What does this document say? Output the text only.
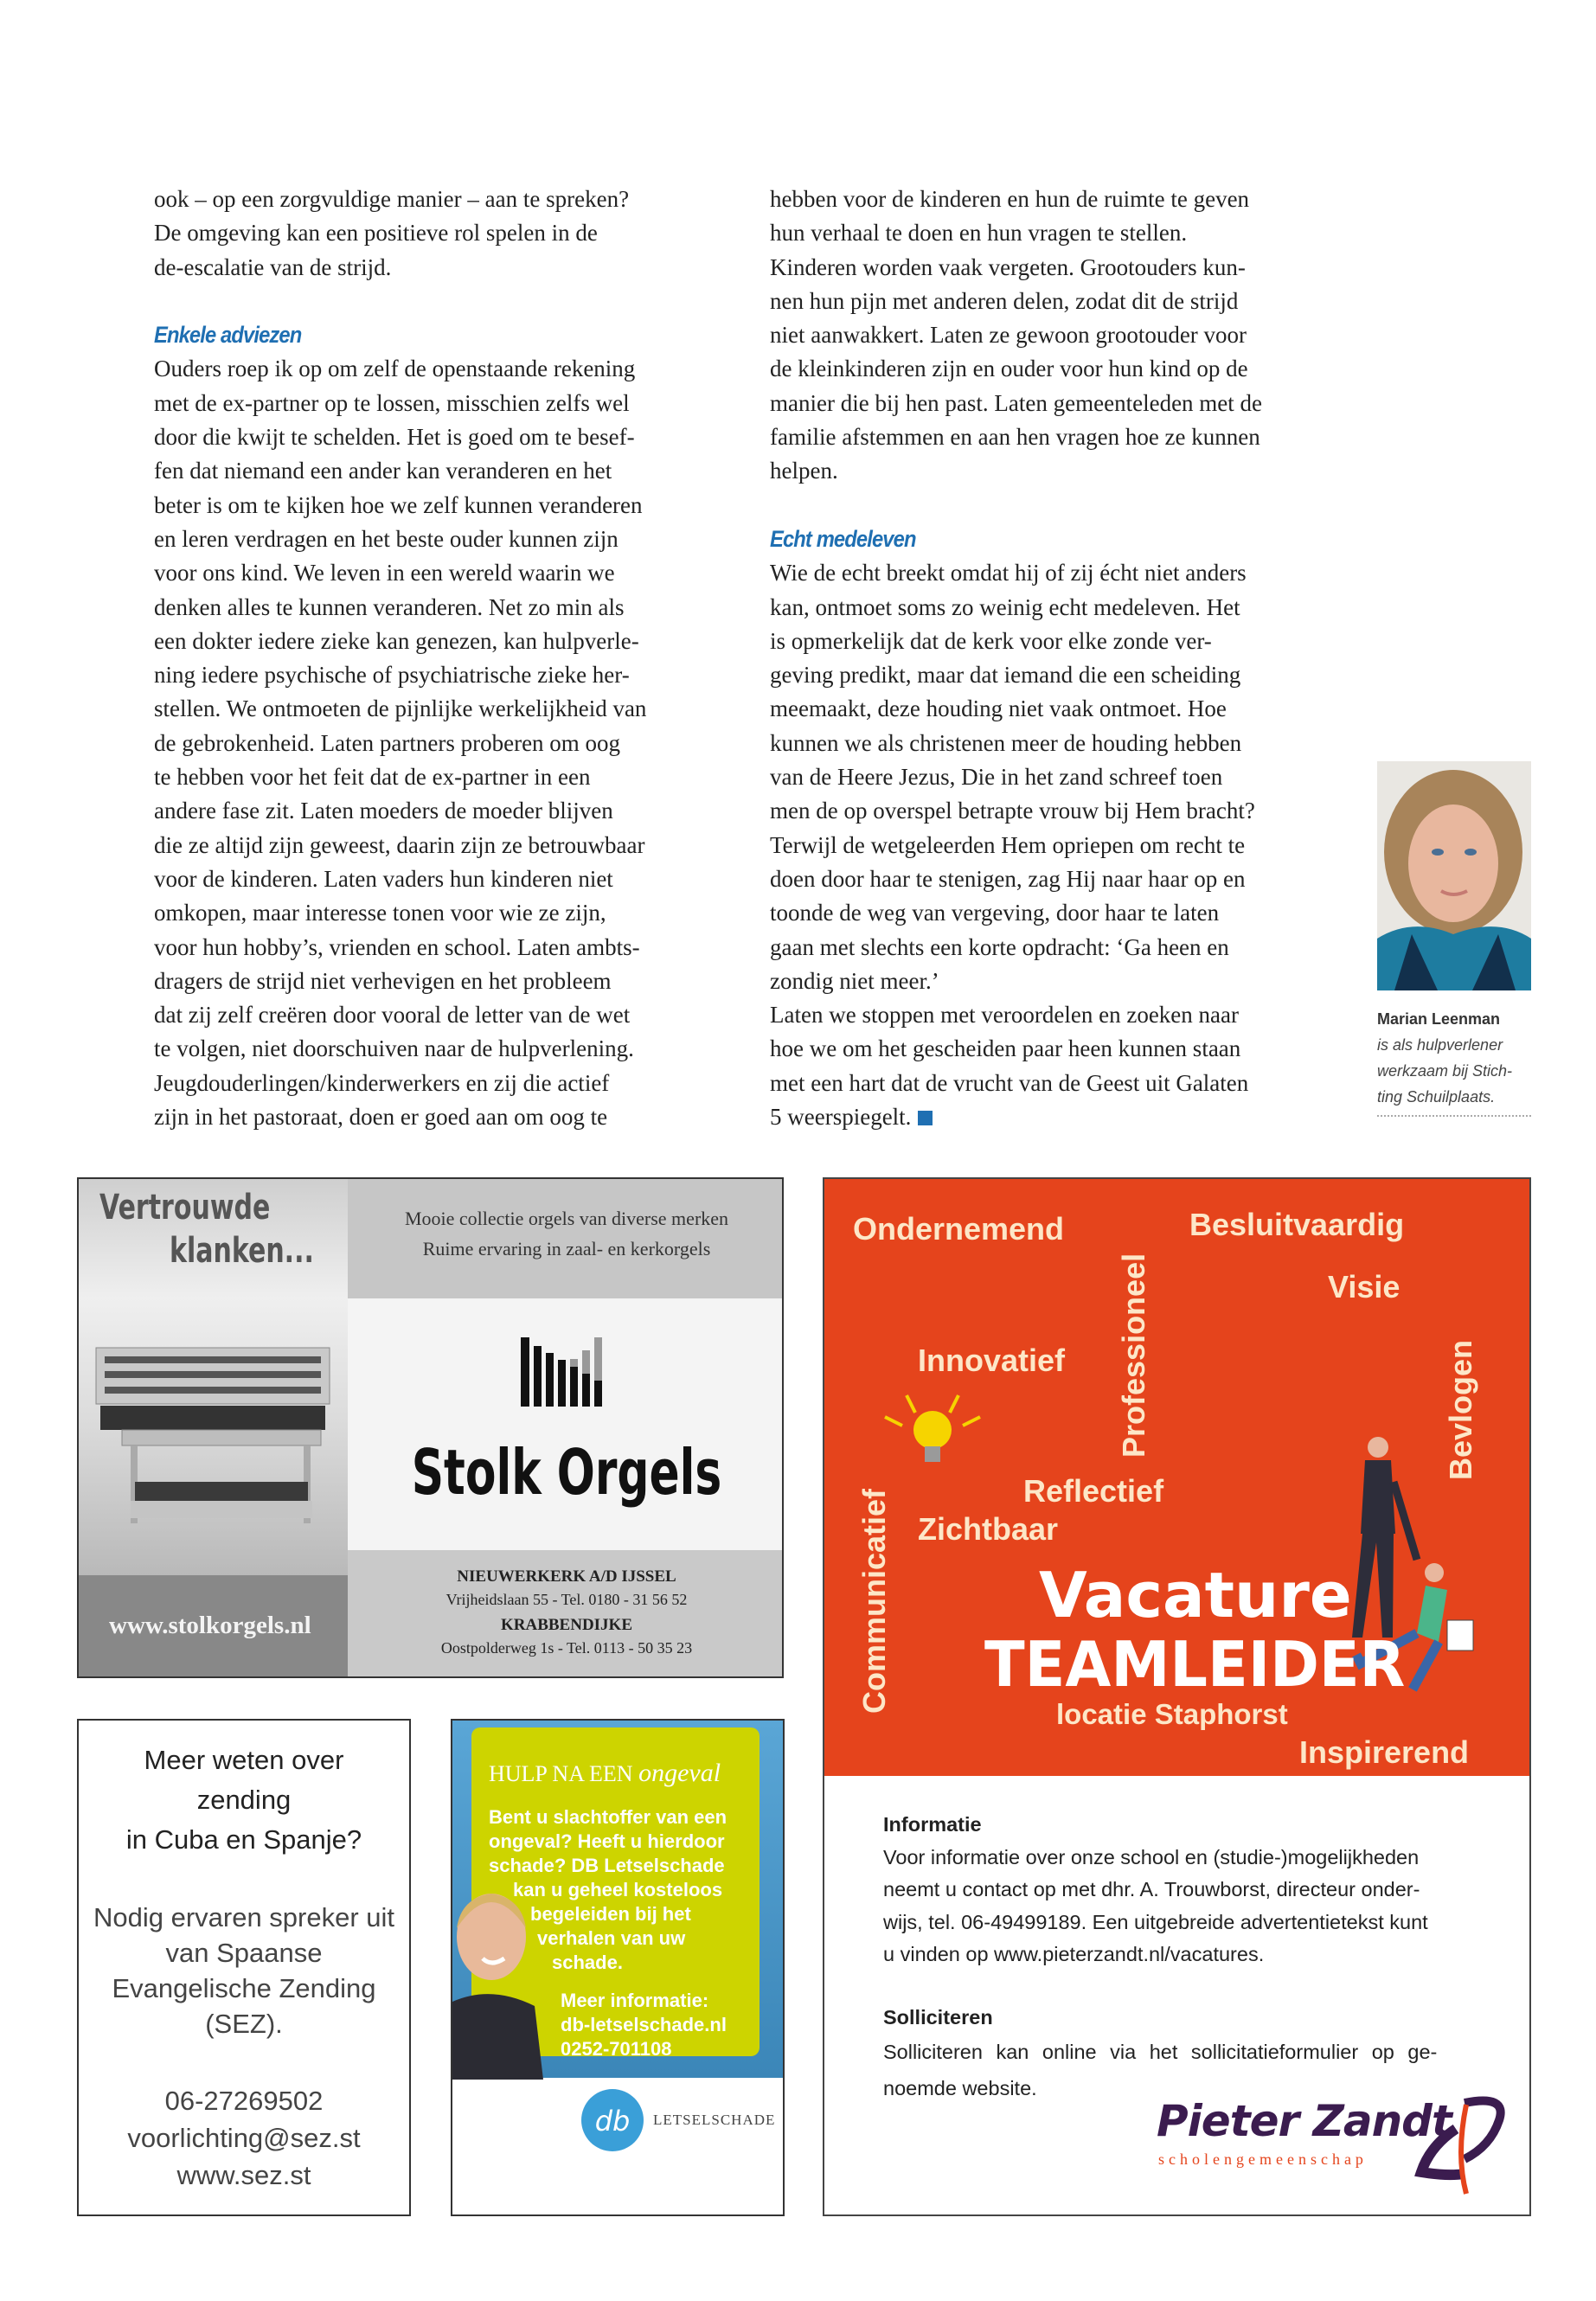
ook – op een zorgvuldige manier – aan te spreken?
De omgeving kan een positieve rol spelen in de
de-escalatie van de strijd.
Enkele adviezen
Ouders roep ik op om zelf de openstaande rekening
met de ex-partner op te lossen, misschien zelfs wel
door die kwijt te schelden. Het is goed om te besef-
fen dat niemand een ander kan veranderen en het
beter is om te kijken hoe we zelf kunnen veranderen
en leren verdragen en het beste ouder kunnen zijn
voor ons kind. We leven in een wereld waarin we
denken alles te kunnen veranderen. Net zo min als
een dokter iedere zieke kan genezen, kan hulpverle-
ning iedere psychische of psychiatrische zieke her-
stellen. We ontmoeten de pijnlijke werkelijkheid van
de gebrokenheid. Laten partners proberen om oog
te hebben voor het feit dat de ex-partner in een
andere fase zit. Laten moeders de moeder blijven
die ze altijd zijn geweest, daarin zijn ze betrouwbaar
voor de kinderen. Laten vaders hun kinderen niet
omkopen, maar interesse tonen voor wie ze zijn,
voor hun hobby’s, vrienden en school. Laten ambts-
dragers de strijd niet verhevigen en het probleem
dat zij zelf creëren door vooral de letter van de wet
te volgen, niet doorschuiven naar de hulpverlening.
Jeugdouderlingen/kinderwerkers en zij die actief
zijn in het pastoraat, doen er goed aan om oog te
hebben voor de kinderen en hun de ruimte te geven
hun verhaal te doen en hun vragen te stellen.
Kinderen worden vaak vergeten. Grootouders kun-
nen hun pijn met anderen delen, zodat dit de strijd
niet aanwakkert. Laten ze gewoon grootouder voor
de kleinkinderen zijn en ouder voor hun kind op de
manier die bij hen past. Laten gemeenteleden met de
familie afstemmen en aan hen vragen hoe ze kunnen
helpen.
Echt medeleven
Wie de echt breekt omdat hij of zij écht niet anders
kan, ontmoet soms zo weinig echt medeleven. Het
is opmerkelijk dat de kerk voor elke zonde ver-
geving predikt, maar dat iemand die een scheiding
meemaakt, deze houding niet vaak ontmoet. Hoe
kunnen we als christenen meer de houding hebben
van de Heere Jezus, Die in het zand schreef toen
men de op overspel betrapte vrouw bij Hem bracht?
Terwijl de wetgeleerden Hem opriepen om recht te
doen door haar te stenigen, zag Hij naar haar op en
toonde de weg van vergeving, door haar te laten
gaan met slechts een korte opdracht: ‘Ga heen en
zondig niet meer.’
Laten we stoppen met veroordelen en zoeken naar
hoe we om het gescheiden paar heen kunnen staan
met een hart dat de vrucht van de Geest uit Galaten
5 weerspiegelt.
Marian Leenman
is als hulpverlener
werkzaam bij Stich-
ting Schuilplaats.
Vertrouwde
klanken...
www.stolkorgels.nl
Mooie collectie orgels van diverse merken
Ruime ervaring in zaal- en kerkorgels
Stolk Orgels
NIEUWERKERK A/D IJSSEL
Vrijheidslaan 55 - Tel. 0180 - 31 56 52
KRABBENDIJKE
Oostpolderweg 1s - Tel. 0113 - 50 35 23
Ondernemend	Besluitvaardig
Visie
Professioneel
Innovatief	Bevlogen
Communicatief	Reflectief
Zichtbaar
Vacature
TEAMLEIDER
locatie Staphorst
Inspirerend
Informatie
Voor informatie over onze school en (studie-)mogelijkheden
neemt u contact op met dhr. A. Trouwborst, directeur onder-
wijs, tel. 06-49499189. Een uitgebreide advertentietekst kunt
u vinden op www.pieterzandt.nl/vacatures.
Solliciteren
Solliciteren kan online via het sollicitatieformulier op ge-
noemde website.
Pieter Zandt
scholengemeenschap
Meer weten over
zending
in Cuba en Spanje?
Nodig ervaren spreker uit
van Spaanse
Evangelische Zending
(SEZ).
06-27269502
voorlichting@sez.st
www.sez.st
HULP NA EEN ongeval
Bent u slachtoffer van een
ongeval? Heeft u hierdoor
schade? DB Letselschade
kan u geheel kosteloos
begeleiden bij het
verhalen van uw
schade.
Meer informatie:
db-letselschade.nl
0252-701108
db LETSELSCHADE
